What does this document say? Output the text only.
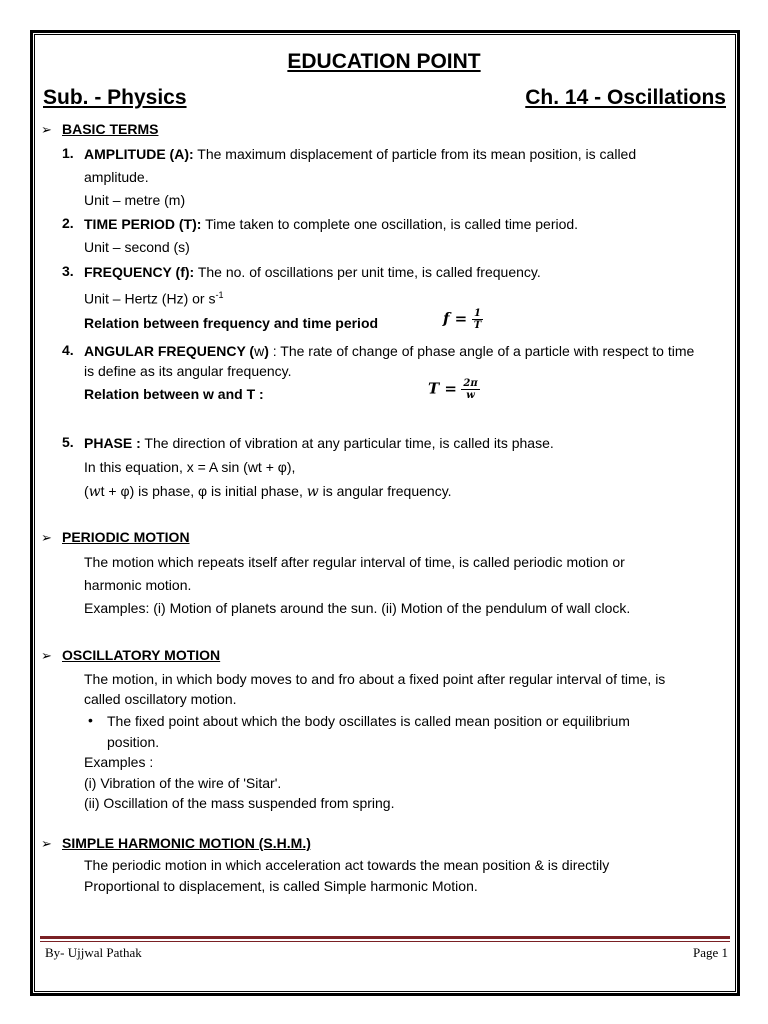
EDUCATION POINT
Sub. - Physics	Ch. 14 - Oscillations
➢ BASIC TERMS
1. AMPLITUDE (A): The maximum displacement of particle from its mean position, is called
amplitude.
Unit – metre (m)
2. TIME PERIOD (T): Time taken to complete one oscillation, is called time period.
Unit – second (s)
3. FREQUENCY (f): The no. of oscillations per unit time, is called frequency.
Unit – Hertz (Hz) or $s^{-1}$
Relation between frequency and time period	$f = \frac{1}{T}$
4. ANGULAR FREQUENCY (w) : The rate of change of phase angle of a particle with respect to time
is define as its angular frequency.
Relation between w and T :	$T = \frac{2\pi}{w}$
5. PHASE : The direction of vibration at any particular time, is called its phase.
In this equation, x = A sin (wt + φ),
(wt + φ) is phase, φ is initial phase, w is angular frequency.
➢ PERIODIC MOTION
The motion which repeats itself after regular interval of time, is called periodic motion or
harmonic motion.
Examples: (i) Motion of planets around the sun. (ii) Motion of the pendulum of wall clock.
➢ OSCILLATORY MOTION
The motion, in which body moves to and fro about a fixed point after regular interval of time, is
called oscillatory motion.
• The fixed point about which the body oscillates is called mean position or equilibrium
position.
Examples :
(i) Vibration of the wire of 'Sitar'.
(ii) Oscillation of the mass suspended from spring.
➢ SIMPLE HARMONIC MOTION (S.H.M.)
The periodic motion in which acceleration act towards the mean position & is directily
Proportional to displacement, is called Simple harmonic Motion.
By- Ujjwal Pathak	Page 1
